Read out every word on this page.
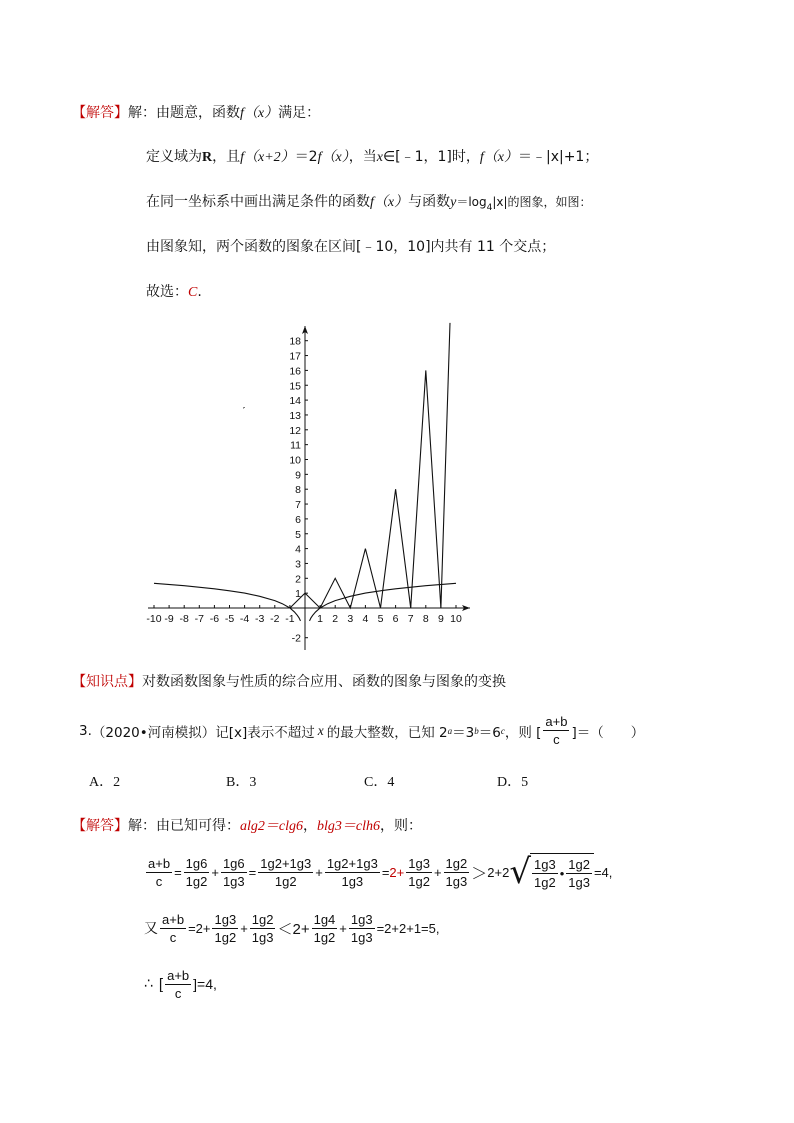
【解答】解：由题意，函数f（x）满足：
定义域为R，且f（x+2）＝2f（x），当x∈[﹣1，1]时，f（x）＝﹣|x|+1；
在同一坐标系中画出满足条件的函数f（x）与函数$y=\log_4|x|$的图象，如图：
由图象知，两个函数的图象在区间[﹣10，10]内共有 11 个交点；
故选：C.
-10 -9 -8 -7 -6 -5 -4 -3 -2 -1 1 2 3 4 5 6 7 8 9 10
-2
1
2
3
4
5
6
7
8
9
10
11
12
13
14
15
16
17
18
ˊ
【知识点】对数函数图象与性质的综合应用、函数的图象与图象的变换
3. （2020•河南模拟） 记[x]表示不超过 x 的最大整数，已知 2 a ＝3 b ＝6 c ，则 [ $\frac{a+b}{c}$ ]＝（　　）
A．2	B．3	C．4	D．5
【解答】解：由已知可得：alg2＝clg6，blg3＝clh6，则：
$\frac{a+b}{c} = \frac{1g6}{1g2} + \frac{1g6}{1g3} = \frac{1g2+1g3}{1g2} + \frac{1g2+1g3}{1g3} = 2+ \frac{1g3}{1g2} + \frac{1g2}{1g3} > 2+2$ √ $\frac{1g3}{1g2}$ • $\frac{1g2}{1g3} =4$,
又 $\frac{a+b}{c} =2+ \frac{1g3}{1g2} + \frac{1g2}{1g3} <2+ \frac{1g4}{1g2} + \frac{1g3}{1g3} =2+2+1=5$,
∴ [ $\frac{a+b}{c} ]=4$,
